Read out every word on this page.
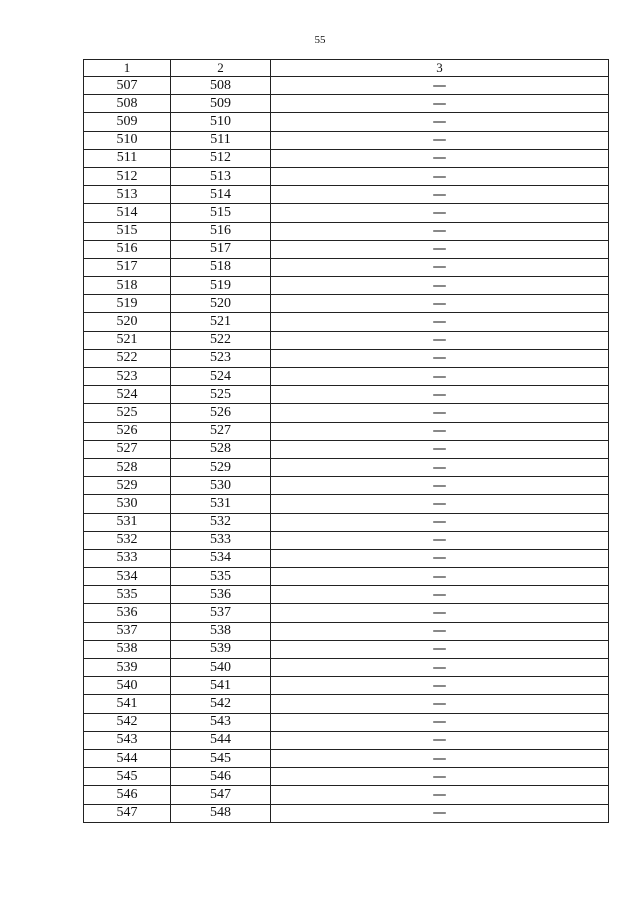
55
1	2	3
507	508	—
508	509	—
509	510	—
510	511	—
511	512	—
512	513	—
513	514	—
514	515	—
515	516	—
516	517	—
517	518	—
518	519	—
519	520	—
520	521	—
521	522	—
522	523	—
523	524	—
524	525	—
525	526	—
526	527	—
527	528	—
528	529	—
529	530	—
530	531	—
531	532	—
532	533	—
533	534	—
534	535	—
535	536	—
536	537	—
537	538	—
538	539	—
539	540	—
540	541	—
541	542	—
542	543	—
543	544	—
544	545	—
545	546	—
546	547	—
547	548	—
